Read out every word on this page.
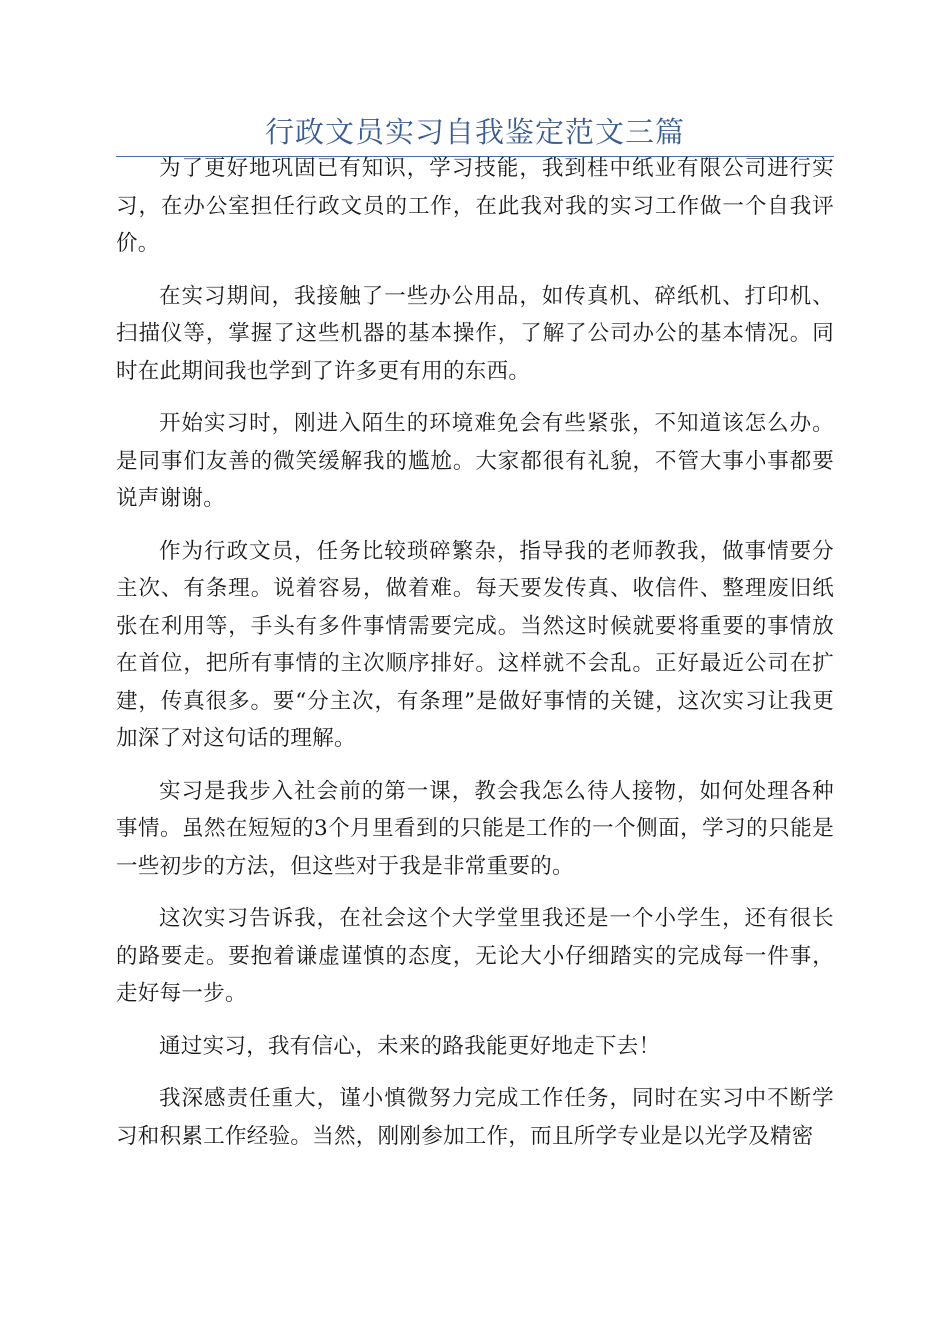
行政文员实习自我鉴定范文三篇

为了更好地巩固已有知识，学习技能，我到桂中纸业有限公司进行实习，在办公室担任行政文员的工作，在此我对我的实习工作做一个自我评价。

在实习期间，我接触了一些办公用品，如传真机、碎纸机、打印机、扫描仪等，掌握了这些机器的基本操作，了解了公司办公的基本情况。同时在此期间我也学到了许多更有用的东西。

开始实习时，刚进入陌生的环境难免会有些紧张，不知道该怎么办。是同事们友善的微笑缓解我的尴尬。大家都很有礼貌，不管大事小事都要说声谢谢。

作为行政文员，任务比较琐碎繁杂，指导我的老师教我，做事情要分主次、有条理。说着容易，做着难。每天要发传真、收信件、整理废旧纸张在利用等，手头有多件事情需要完成。当然这时候就要将重要的事情放在首位，把所有事情的主次顺序排好。这样就不会乱。正好最近公司在扩建，传真很多。要“分主次，有条理”是做好事情的关键，这次实习让我更加深了对这句话的理解。

实习是我步入社会前的第一课，教会我怎么待人接物，如何处理各种事情。虽然在短短的3个月里看到的只能是工作的一个侧面，学习的只能是一些初步的方法，但这些对于我是非常重要的。

这次实习告诉我，在社会这个大学堂里我还是一个小学生，还有很长的路要走。要抱着谦虚谨慎的态度，无论大小仔细踏实的完成每一件事，走好每一步。

通过实习，我有信心，未来的路我能更好地走下去！

我深感责任重大，谨小慎微努力完成工作任务，同时在实习中不断学习和积累工作经验。当然，刚刚参加工作，而且所学专业是以光学及精密
